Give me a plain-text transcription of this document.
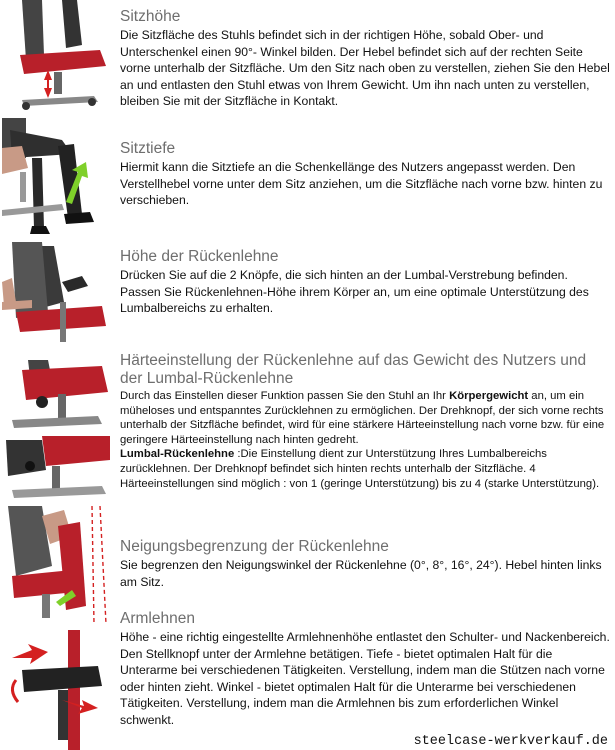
Sitzhöhe

Die Sitzfläche des Stuhls befindet sich in der richtigen Höhe, sobald Ober- und Unterschenkel einen 90°- Winkel bilden. Der Hebel befindet sich auf der rechten Seite vorne unterhalb der Sitzfläche. Um den Sitz nach oben zu verstellen, ziehen Sie den Hebel an und entlasten den Stuhl etwas von Ihrem Gewicht. Um ihn nach unten zu verstellen, bleiben Sie mit der Sitzfläche in Kontakt.

Sitztiefe

Hiermit kann die Sitztiefe an die Schenkellänge des Nutzers angepasst werden. Den Verstellhebel vorne unter dem Sitz anziehen, um die Sitzfläche nach vorne bzw. hinten zu verschieben.

Höhe der Rückenlehne

Drücken Sie auf die 2 Knöpfe, die sich hinten an der Lumbal-Verstrebung befinden. Passen Sie Rückenlehnen-Höhe ihrem Körper an, um eine optimale Unterstützung des Lumbalbereichs zu erhalten.

Härteeinstellung der Rückenlehne auf das Gewicht des Nutzers und der Lumbal-Rückenlehne

Durch das Einstellen dieser Funktion passen Sie den Stuhl an Ihr Körpergewicht an, um ein müheloses und entspanntes Zurücklehnen zu ermöglichen. Der Drehknopf, der sich vorne rechts unterhalb der Sitzfläche befindet, wird für eine stärkere Härteeinstellung nach vorne bzw. für eine geringere Härteeinstellung nach hinten gedreht.

Lumbal-Rückenlehne :Die Einstellung dient zur Unterstützung Ihres Lumbalbereichs zurücklehnen. Der Drehknopf befindet sich hinten rechts unterhalb der Sitzfläche. 4 Härteeinstellungen sind möglich : von 1 (geringe Unterstützung) bis zu 4 (starke Unterstützung).

Neigungsbegrenzung der Rückenlehne

Sie begrenzen den Neigungswinkel der Rückenlehne (0°, 8°, 16°, 24°). Hebel hinten links am Sitz.

Armlehnen

Höhe - eine richtig eingestellte Armlehnenhöhe entlastet den Schulter- und Nackenbereich. Den Stellknopf unter der Armlehne betätigen. Tiefe - bietet optimalen Halt für die Unterarme bei verschiedenen Tätigkeiten. Verstellung, indem man die Stützen nach vorne oder hinten zieht. Winkel - bietet optimalen Halt für die Unterarme bei verschiedenen Tätigkeiten. Verstellung, indem man die Armlehnen bis zum erforderlichen Winkel schwenkt.

steelcase-werkverkauf.de
